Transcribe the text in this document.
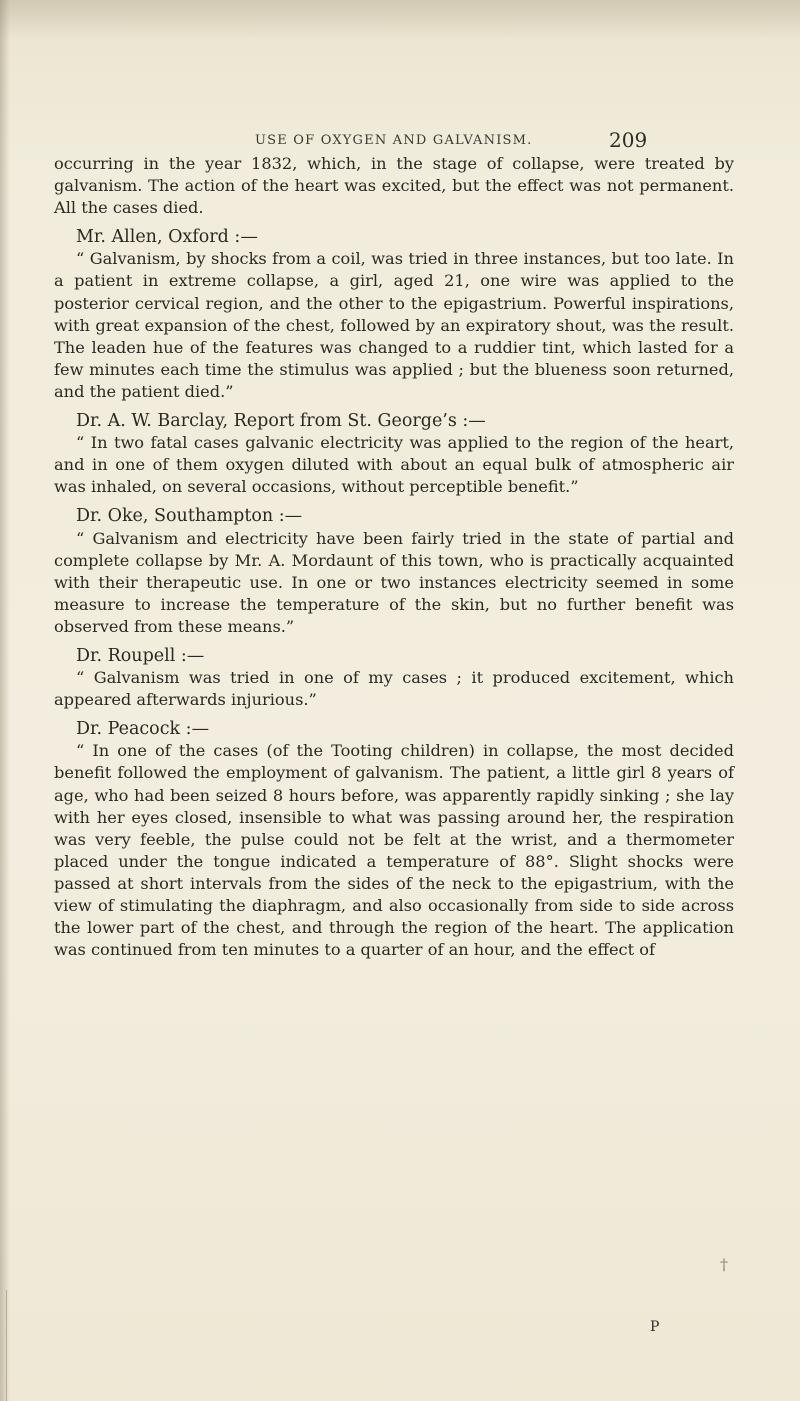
USE OF OXYGEN AND GALVANISM.	209

occurring in the year 1832, which, in the stage of collapse, were treated by galvanism. The action of the heart was excited, but the effect was not permanent. All the cases died.

Mr. Allen, Oxford :—

“ Galvanism, by shocks from a coil, was tried in three instances, but too late. In a patient in extreme collapse, a girl, aged 21, one wire was applied to the posterior cervical region, and the other to the epigastrium. Powerful inspirations, with great expansion of the chest, followed by an expiratory shout, was the result. The leaden hue of the features was changed to a ruddier tint, which lasted for a few minutes each time the stimulus was applied ; but the blueness soon returned, and the patient died.”

Dr. A. W. Barclay, Report from St. George’s :—

“ In two fatal cases galvanic electricity was applied to the region of the heart, and in one of them oxygen diluted with about an equal bulk of atmospheric air was inhaled, on several occasions, without perceptible benefit.”

Dr. Oke, Southampton :—

“ Galvanism and electricity have been fairly tried in the state of partial and complete collapse by Mr. A. Mordaunt of this town, who is practically acquainted with their therapeutic use. In one or two instances electricity seemed in some measure to increase the temperature of the skin, but no further benefit was observed from these means.”

Dr. Roupell :—

“ Galvanism was tried in one of my cases ; it produced excitement, which appeared afterwards injurious.”

Dr. Peacock :—

“ In one of the cases (of the Tooting children) in collapse, the most decided benefit followed the employment of galvanism. The patient, a little girl 8 years of age, who had been seized 8 hours before, was apparently rapidly sinking ; she lay with her eyes closed, insensible to what was passing around her, the respiration was very feeble, the pulse could not be felt at the wrist, and a thermometer placed under the tongue indicated a temperature of 88°. Slight shocks were passed at short intervals from the sides of the neck to the epigastrium, with the view of stimulating the diaphragm, and also occasionally from side to side across the lower part of the chest, and through the region of the heart. The application was continued from ten minutes to a quarter of an hour, and the effect of

P
†
